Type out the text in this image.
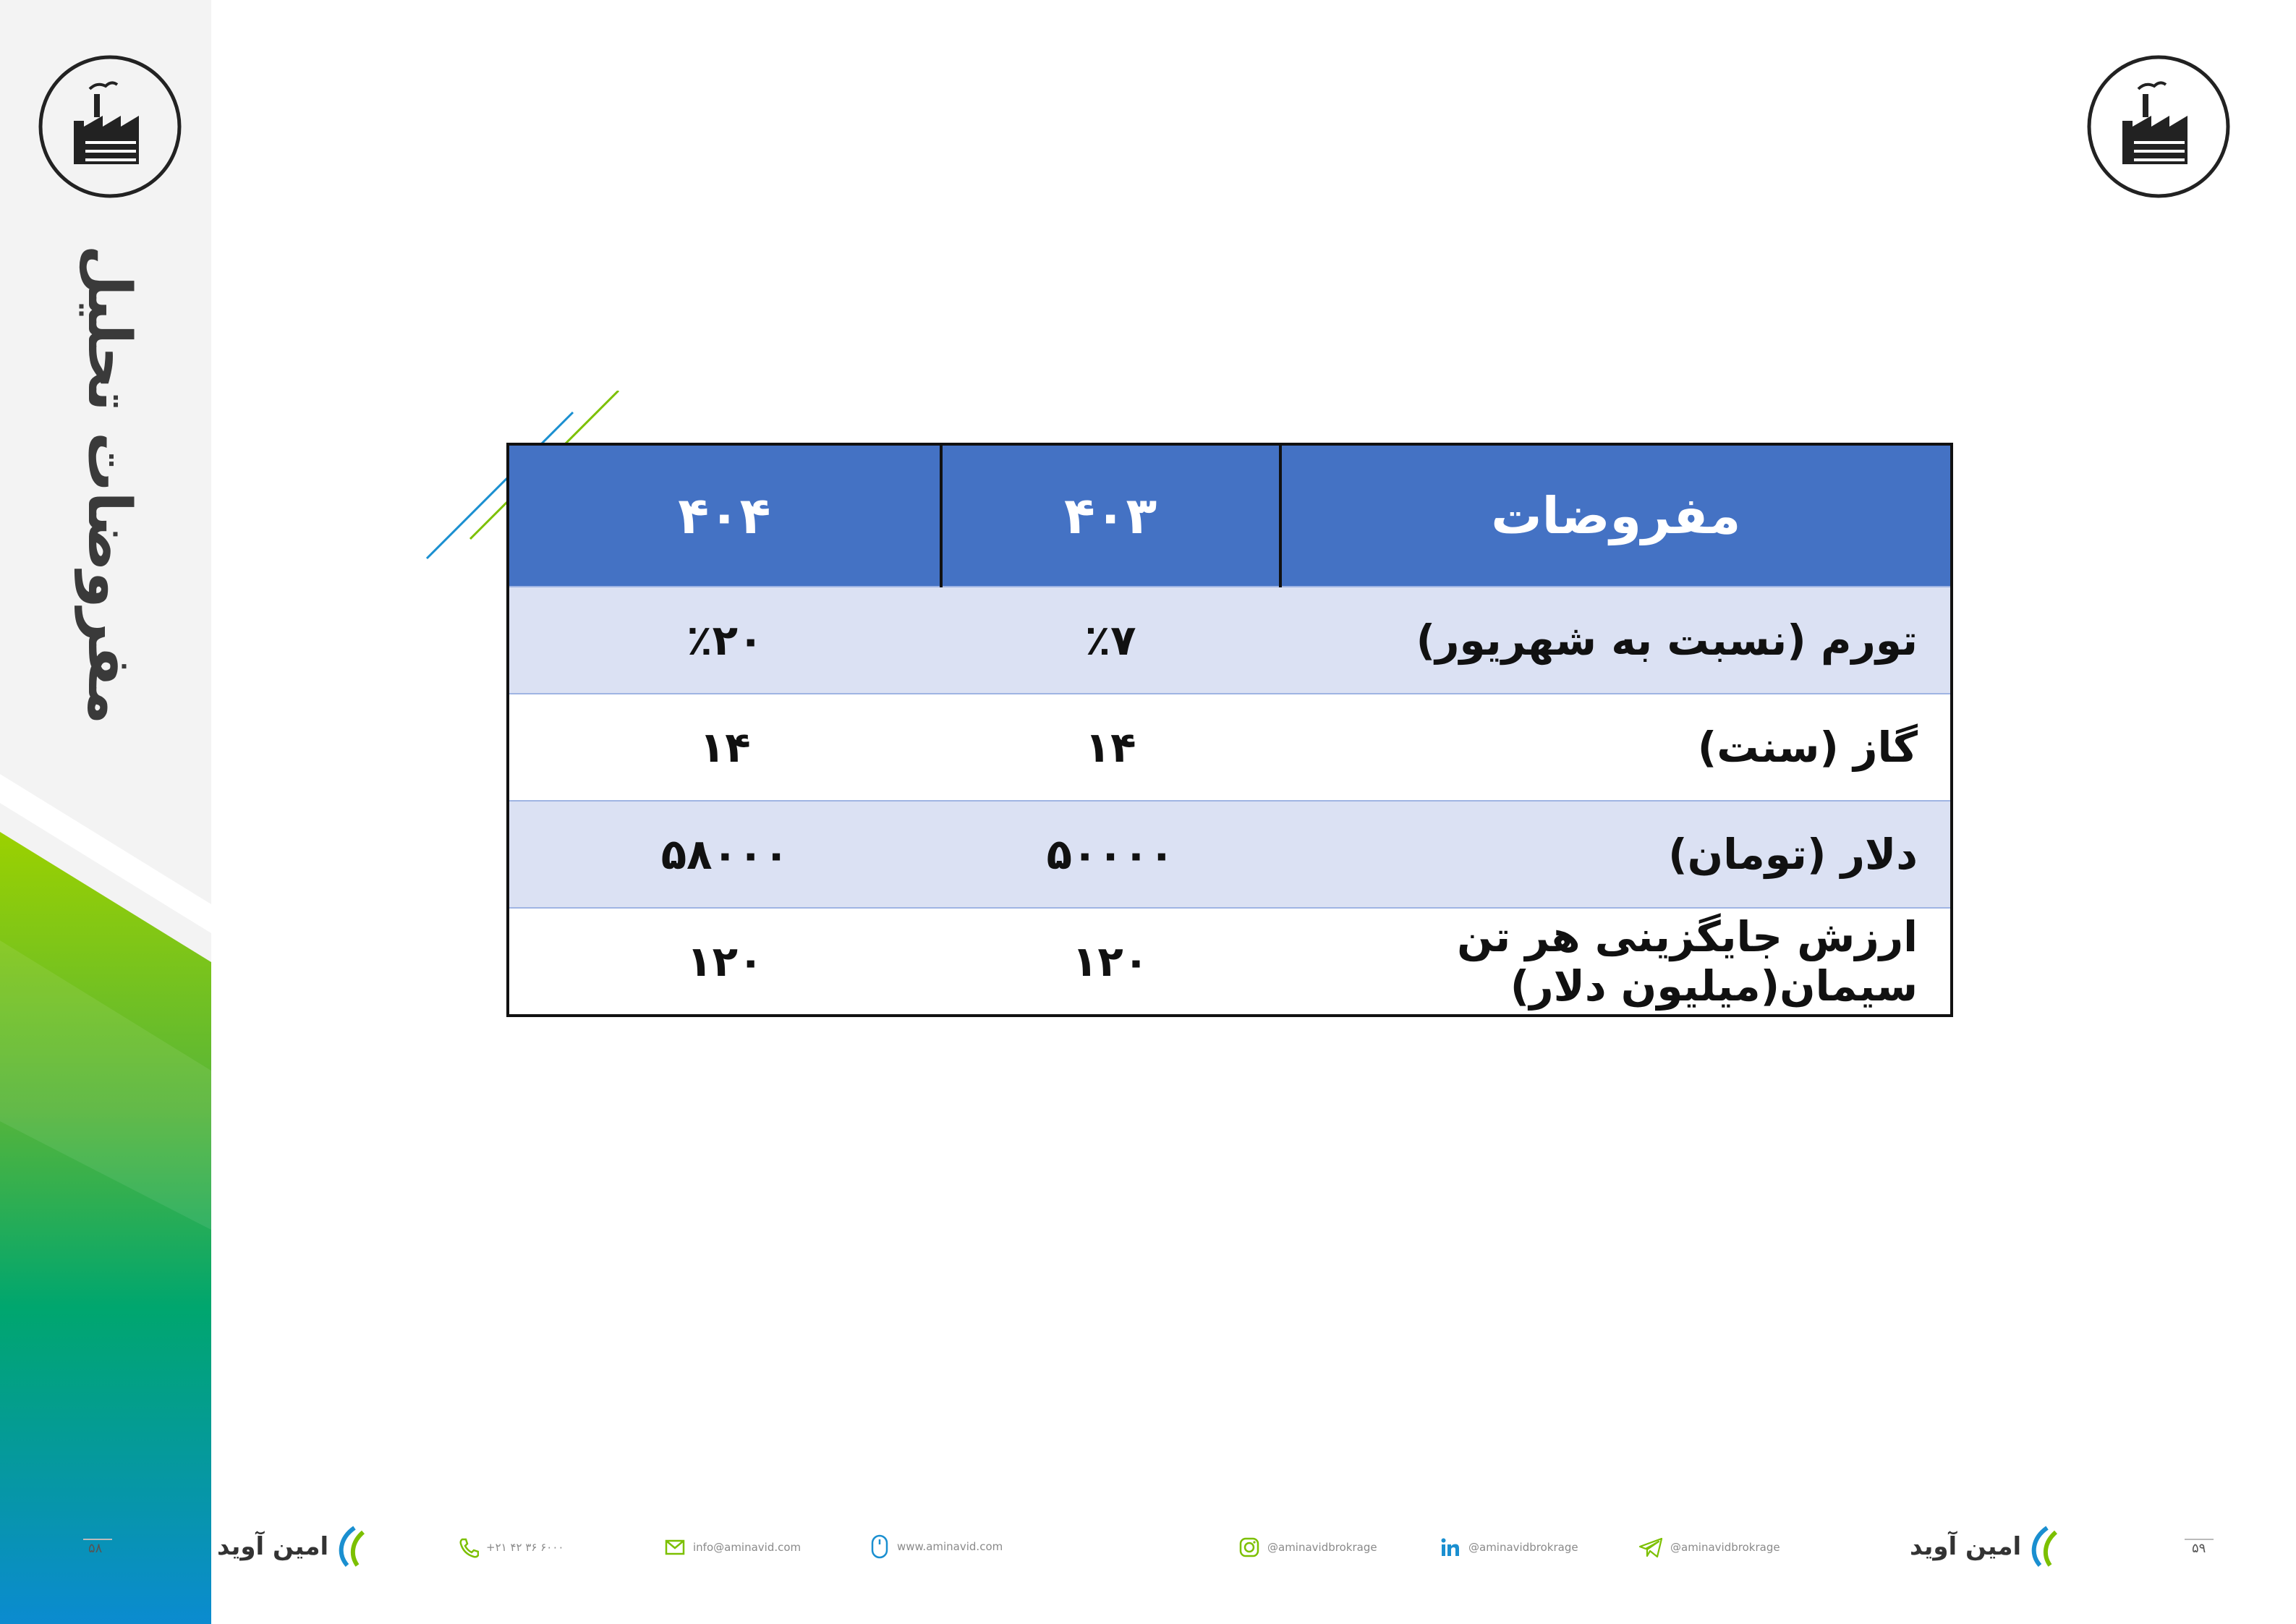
مفروضات تحلیل
۵۸
مفروضات	۴۰۳	۴۰۴
تورم (نسبت به شهریور)	٪۷	٪۲۰
گاز (سنت)	۱۴	۱۴
دلار (تومان)	۵۰۰۰۰	۵۸۰۰۰
ارزش جایگزینی هر تن سیمان(میلیون دلار)	۱۲۰	۱۲۰
امین آوید	+۲۱ ۴۲ ۳۶ ۶۰۰۰	info@aminavid.com	www.aminavid.com	@aminavidbrokrage	@aminavidbrokrage	@aminavidbrokrage	امین آوید	۵۹
